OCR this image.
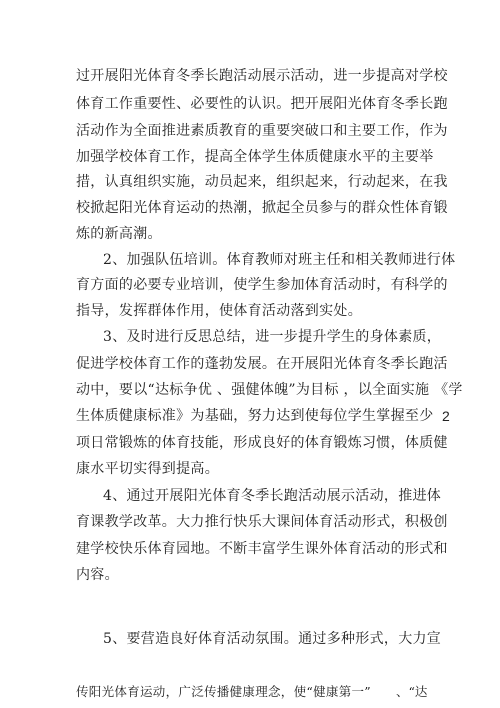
过开展阳光体育冬季长跑活动展示活动，进一步提高对学校
体育工作重要性、必要性的认识。把开展阳光体育冬季长跑
活动作为全面推进素质教育的重要突破口和主要工作，作为
加强学校体育工作，提高全体学生体质健康水平的主要举
措，认真组织实施，动员起来，组织起来，行动起来，在我
校掀起阳光体育运动的热潮，掀起全员参与的群众性体育锻
炼的新高潮。
2、加强队伍培训。体育教师对班主任和相关教师进行体
育方面的必要专业培训，使学生参加体育活动时，有科学的
指导，发挥群体作用，使体育活动落到实处。
3、及时进行反思总结，进一步提升学生的身体素质，
促进学校体育工作的蓬勃发展。在开展阳光体育冬季长跑活
动中，要以“达标争优 、强健体魄”为目标 ，以全面实施 《学
生体质健康标准》为基础，努力达到使每位学生掌握至少 2
项日常锻炼的体育技能，形成良好的体育锻炼习惯，体质健
康水平切实得到提高。
4、通过开展阳光体育冬季长跑活动展示活动，推进体
育课教学改革。大力推行快乐大课间体育活动形式，积极创
建学校快乐体育园地。不断丰富学生课外体育活动的形式和
内容。
5、要营造良好体育活动氛围。通过多种形式，大力宣
传阳光体育运动，广泛传播健康理念，使“健康第一” 、“达
